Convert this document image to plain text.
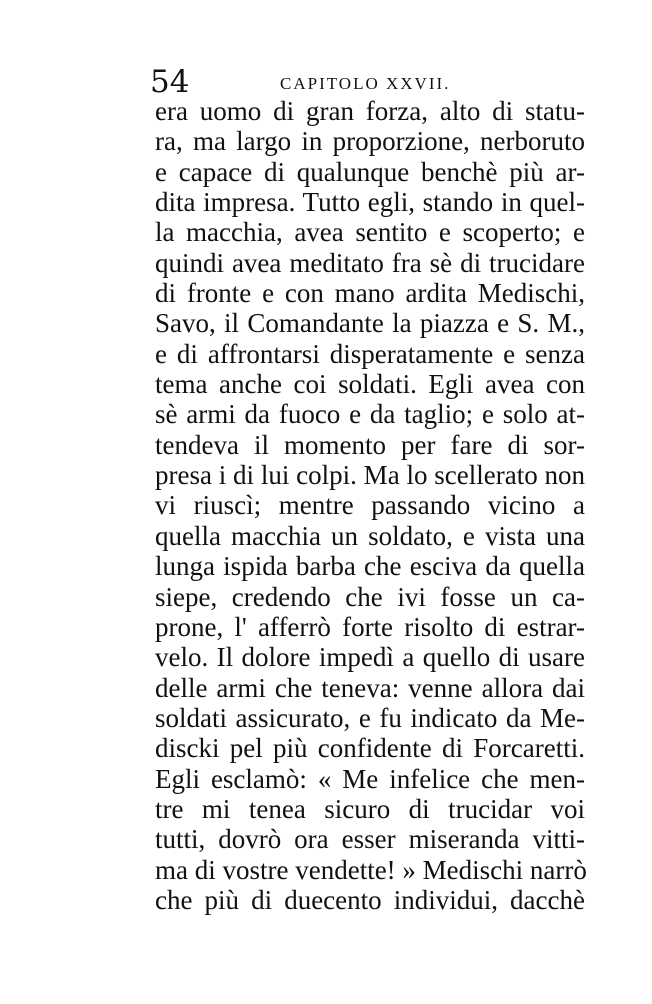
54	CAPITOLO XXVII.
era uomo di gran forza, alto di statu-
ra, ma largo in proporzione, nerboruto
e capace di qualunque benchè più ar-
dita impresa. Tutto egli, stando in quel-
la macchia, avea sentito e scoperto; e
quindi avea meditato fra sè di trucidare
di fronte e con mano ardita Medischi,
Savo, il Comandante la piazza e S. M.,
e di affrontarsi disperatamente e senza
tema anche coi soldati. Egli avea con
sè armi da fuoco e da taglio; e solo at-
tendeva il momento per fare di sor-
presa i di lui colpi. Ma lo scellerato non
vi riuscì; mentre passando vicino a
quella macchia un soldato, e vista una
lunga ispida barba che esciva da quella
siepe, credendo che ivi fosse un ca-
prone, l' afferrò forte risolto di estrar-
velo. Il dolore impedì a quello di usare
delle armi che teneva: venne allora dai
soldati assicurato, e fu indicato da Me-
discki pel più confidente di Forcaretti.
Egli esclamò: « Me infelice che men-
tre mi tenea sicuro di trucidar voi
tutti, dovrò ora esser miseranda vitti-
ma di vostre vendette! » Medischi narrò
che più di duecento individui, dacchè
